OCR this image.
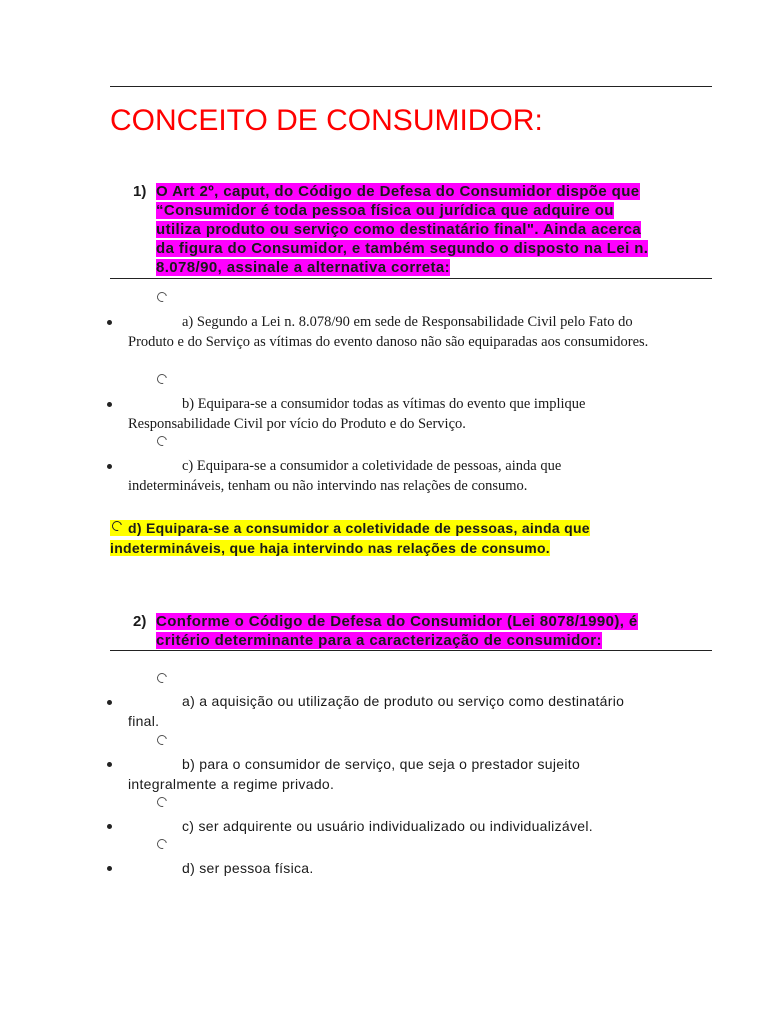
CONCEITO DE CONSUMIDOR:
1) O Art 2º, caput, do Código de Defesa do Consumidor dispõe que
“Consumidor é toda pessoa física ou jurídica que adquire ou
utiliza produto ou serviço como destinatário final". Ainda acerca
da figura do Consumidor, e também segundo o disposto na Lei n.
8.078/90, assinale a alternativa correta:
a) Segundo a Lei n. 8.078/90 em sede de Responsabilidade Civil pelo Fato do
Produto e do Serviço as vítimas do evento danoso não são equiparadas aos consumidores.
b) Equipara-se a consumidor todas as vítimas do evento que implique
Responsabilidade Civil por vício do Produto e do Serviço.
c) Equipara-se a consumidor a coletividade de pessoas, ainda que
indetermináveis, tenham ou não intervindo nas relações de consumo.
d) Equipara-se a consumidor a coletividade de pessoas, ainda que
indetermináveis, que haja intervindo nas relações de consumo.
2) Conforme o Código de Defesa do Consumidor (Lei 8078/1990), é
critério determinante para a caracterização de consumidor:
a) a aquisição ou utilização de produto ou serviço como destinatário
final.
b) para o consumidor de serviço, que seja o prestador sujeito
integralmente a regime privado.
c) ser adquirente ou usuário individualizado ou individualizável.
d) ser pessoa física.
